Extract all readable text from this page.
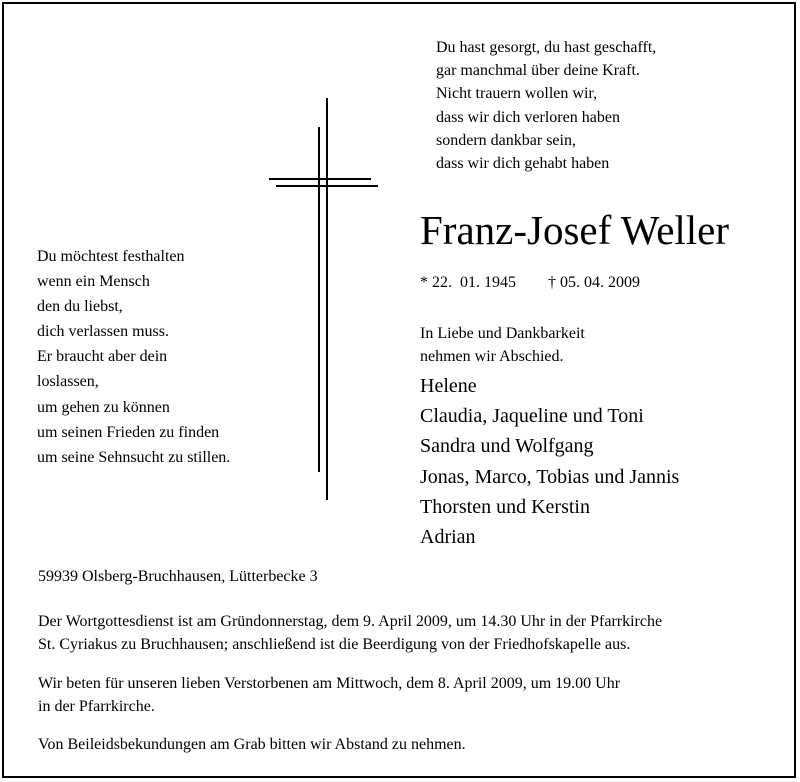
Du hast gesorgt, du hast geschafft,
gar manchmal über deine Kraft.
Nicht trauern wollen wir,
dass wir dich verloren haben
sondern dankbar sein,
dass wir dich gehabt haben
Du möchtest festhalten
wenn ein Mensch
den du liebst,
dich verlassen muss.
Er braucht aber dein
loslassen,
um gehen zu können
um seinen Frieden zu finden
um seine Sehnsucht zu stillen.
Franz-Josef Weller
* 22.  01. 1945 † 05. 04. 2009
In Liebe und Dankbarkeit
nehmen wir Abschied.
Helene
Claudia, Jaqueline und Toni
Sandra und Wolfgang
Jonas, Marco, Tobias und Jannis
Thorsten und Kerstin
Adrian
59939 Olsberg-Bruchhausen, Lütterbecke 3
Der Wortgottesdienst ist am Gründonnerstag, dem 9. April 2009, um 14.30 Uhr in der Pfarrkirche
St. Cyriakus zu Bruchhausen; anschließend ist die Beerdigung von der Friedhofskapelle aus.
Wir beten für unseren lieben Verstorbenen am Mittwoch, dem 8. April 2009, um 19.00 Uhr
in der Pfarrkirche.
Von Beileidsbekundungen am Grab bitten wir Abstand zu nehmen.
